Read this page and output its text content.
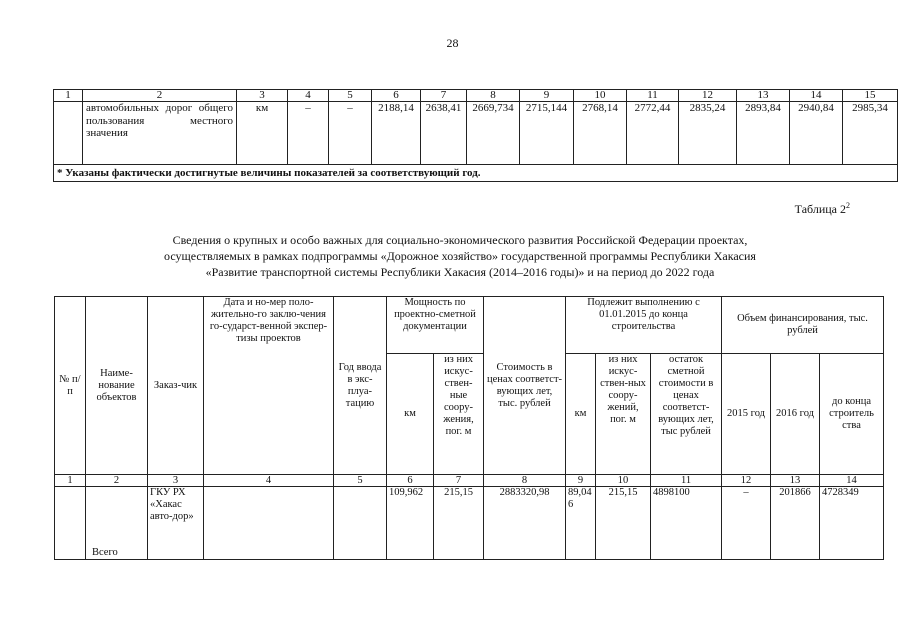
28
1	2	3	4	5	6	7	8	9	10	11	12	13	14	15
	автомобильных дорог общего пользования местного значения	км	–	–	2188,14	2638,41	2669,734	2715,144	2768,14	2772,44	2835,24	2893,84	2940,84	2985,34
* Указаны фактически достигнутые величины показателей за соответствующий год.														
Таблица $2^2$
Сведения о крупных и особо важных для социально-экономического развития Российской Федерации проектах,
осуществляемых в рамках подпрограммы «Дорожное хозяйство» государственной программы Республики Хакасия
«Развитие транспортной системы Республики Хакасия (2014–2016 годы)» и на период до 2022 года
№ п/п	Наиме-нование объектов	Заказ-чик	Дата и но-мер поло-жительно-го заклю-чения го-сударст-венной экспер-тизы проектов	Год ввода в экс-плуа-тацию	Мощность по проектно-сметной документации		Стоимость в ценах соответст-вующих лет, тыс. рублей	Подлежит выполнению с 01.01.2015 до конца строительства			Объем финансирования, тыс. рублей		
					км	из них искус-ствен-ные соору-жения, пог. м		км	из них искус-ствен-ных соору-жений, пог. м	остаток сметной стоимости в ценах соответст-вующих лет, тыс рублей	2015 год	2016 год	до конца строитель ства
1	2	3	4	5	6	7	8	9	10	11	12	13	14
	Всего	ГКУ РХ «Хакас авто-дор»			109,962	215,15	2883320,98	89,046	215,15	4898100	–	201866	4728349
